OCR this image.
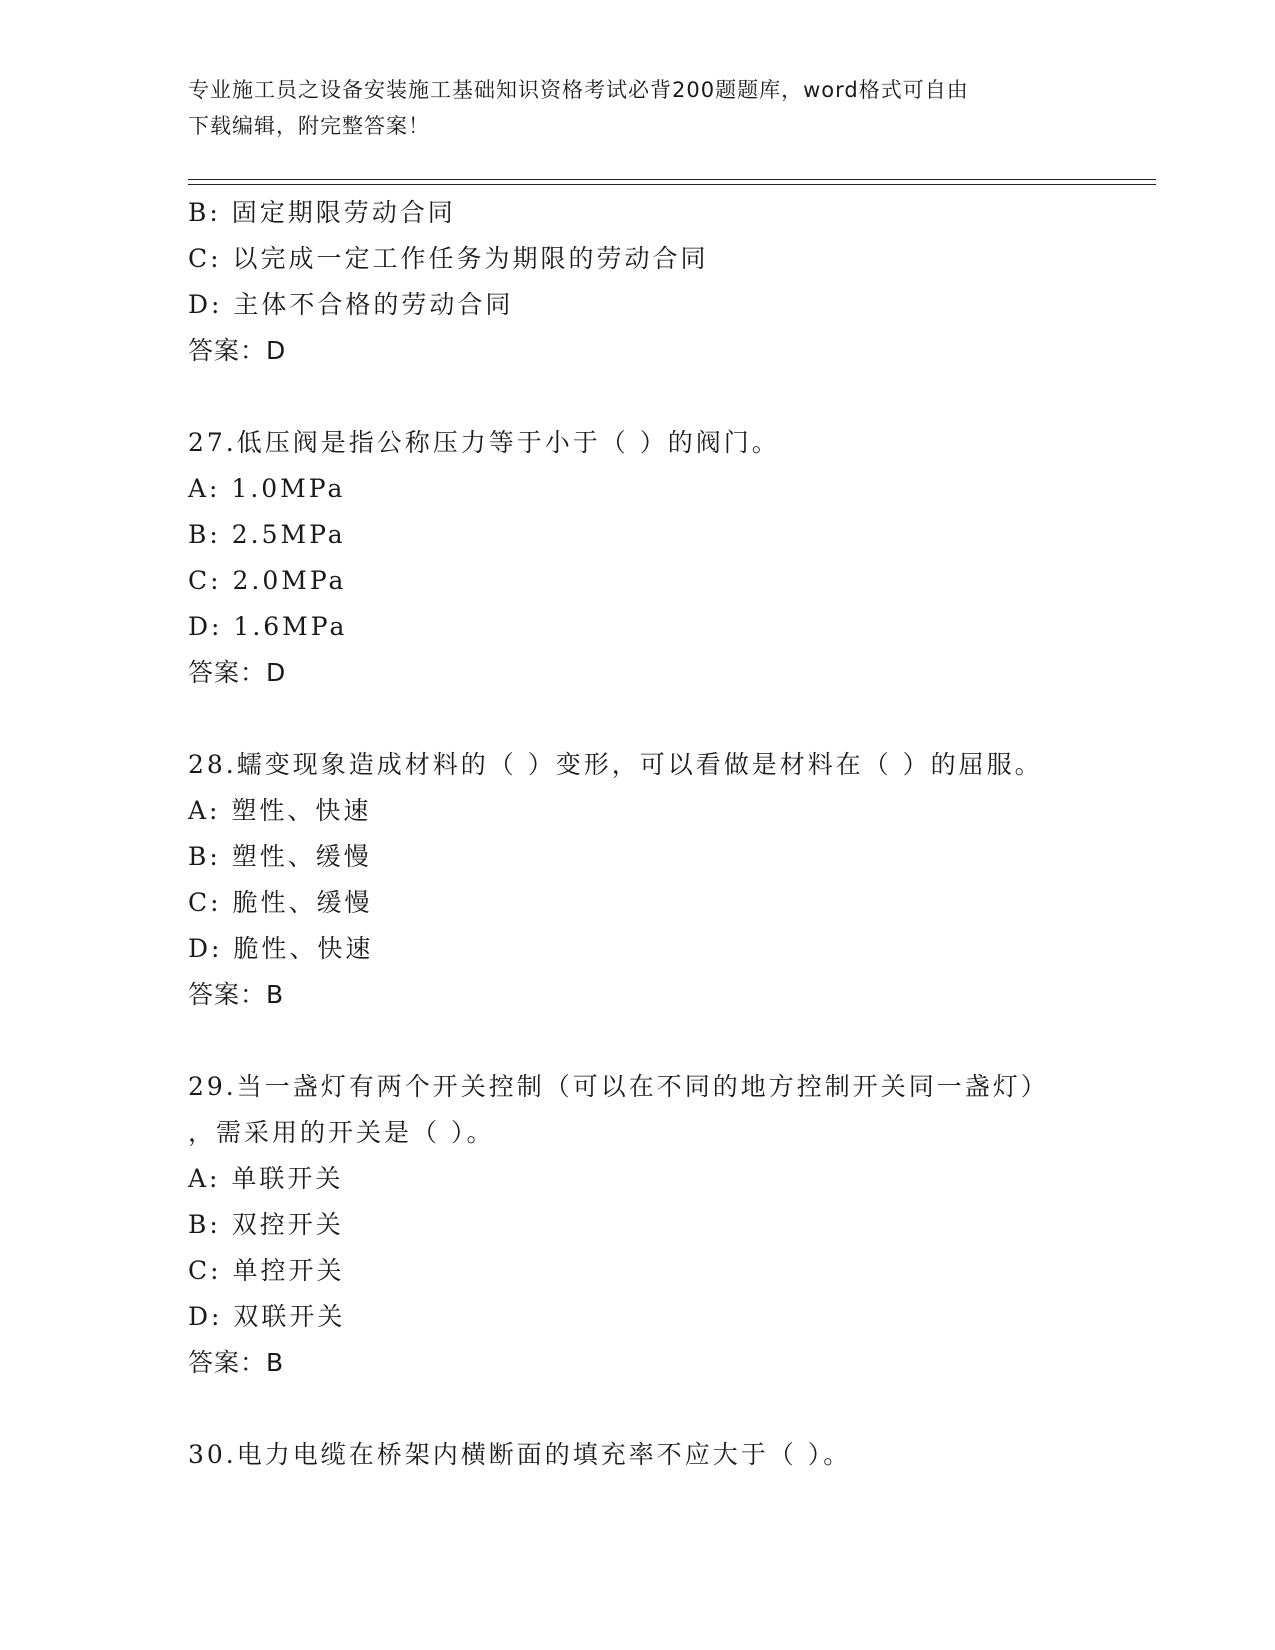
专业施工员之设备安装施工基础知识资格考试必背200题题库，word格式可自由
下载编辑，附完整答案！
B: 固定期限劳动合同
C: 以完成一定工作任务为期限的劳动合同
D: 主体不合格的劳动合同
答案：D
27.低压阀是指公称压力等于小于（ ）的阀门。
A: 1.0MPa
B: 2.5MPa
C: 2.0MPa
D: 1.6MPa
答案：D
28.蠕变现象造成材料的（ ）变形，可以看做是材料在（ ）的屈服。
A: 塑性、快速
B: 塑性、缓慢
C: 脆性、缓慢
D: 脆性、快速
答案：B
29.当一盏灯有两个开关控制（可以在不同的地方控制开关同一盏灯）
，需采用的开关是（ ）。
A: 单联开关
B: 双控开关
C: 单控开关
D: 双联开关
答案：B
30.电力电缆在桥架内横断面的填充率不应大于（ ）。
